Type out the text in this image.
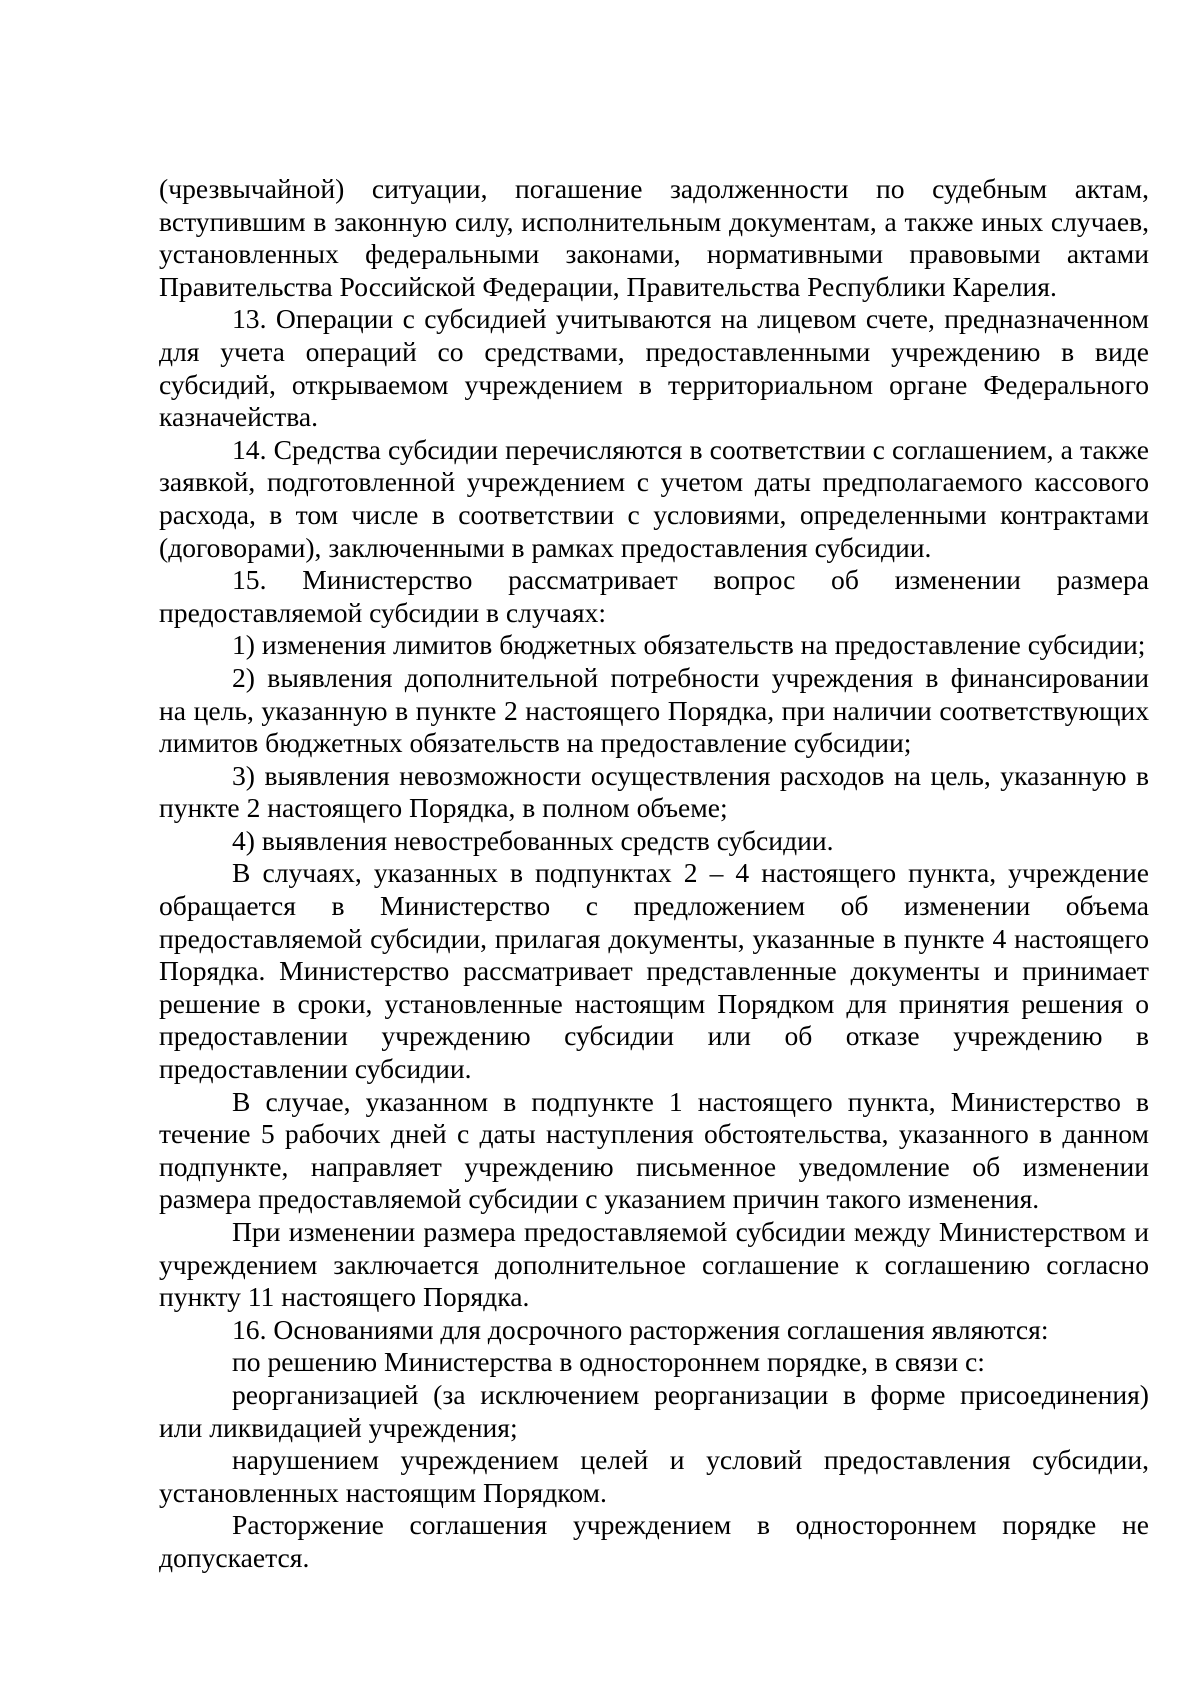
(чрезвычайной) ситуации, погашение задолженности по судебным актам, вступившим в законную силу, исполнительным документам, а также иных случаев, установленных федеральными законами, нормативными правовыми актами Правительства Российской Федерации, Правительства Республики Карелия.

13. Операции с субсидией учитываются на лицевом счете, предназначенном для учета операций со средствами, предоставленными учреждению в виде субсидий, открываемом учреждением в территориальном органе Федерального казначейства.

14. Средства субсидии перечисляются в соответствии с соглашением, а также заявкой, подготовленной учреждением с учетом даты предполагаемого кассового расхода, в том числе в соответствии с условиями, определенными контрактами (договорами), заключенными в рамках предоставления субсидии.

15. Министерство рассматривает вопрос об изменении размера предоставляемой субсидии в случаях:

1) изменения лимитов бюджетных обязательств на предоставление субсидии;

2) выявления дополнительной потребности учреждения в финансировании на цель, указанную в пункте 2 настоящего Порядка, при наличии соответствующих лимитов бюджетных обязательств на предоставление субсидии;

3) выявления невозможности осуществления расходов на цель, указанную в пункте 2 настоящего Порядка, в полном объеме;

4) выявления невостребованных средств субсидии.

В случаях, указанных в подпунктах 2 – 4 настоящего пункта, учреждение обращается в Министерство с предложением об изменении объема предоставляемой субсидии, прилагая документы, указанные в пункте 4 настоящего Порядка. Министерство рассматривает представленные документы и принимает решение в сроки, установленные настоящим Порядком для принятия решения о предоставлении учреждению субсидии или об отказе учреждению в предоставлении субсидии.

В случае, указанном в подпункте 1 настоящего пункта, Министерство в течение 5 рабочих дней с даты наступления обстоятельства, указанного в данном подпункте, направляет учреждению письменное уведомление об изменении размера предоставляемой субсидии с указанием причин такого изменения.

При изменении размера предоставляемой субсидии между Министерством и учреждением заключается дополнительное соглашение к соглашению согласно пункту 11 настоящего Порядка.

16. Основаниями для досрочного расторжения соглашения являются:

по решению Министерства в одностороннем порядке, в связи с:

реорганизацией (за исключением реорганизации в форме присоединения) или ликвидацией учреждения;

нарушением учреждением целей и условий предоставления субсидии, установленных настоящим Порядком.

Расторжение соглашения учреждением в одностороннем порядке не допускается.
